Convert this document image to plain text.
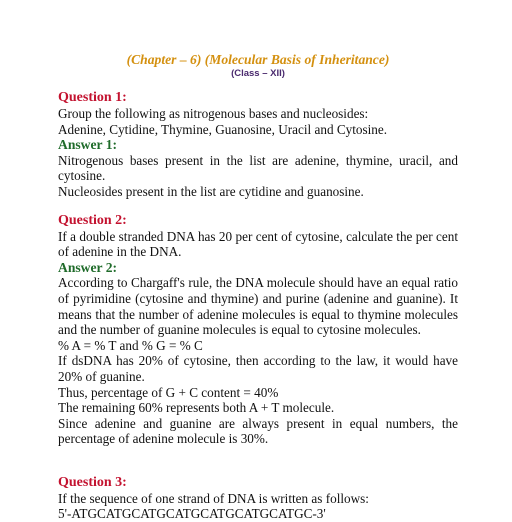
(Chapter – 6) (Molecular Basis of Inheritance)

(Class – XII)

Question 1:

Group the following as nitrogenous bases and nucleosides:

Adenine, Cytidine, Thymine, Guanosine, Uracil and Cytosine.

Answer 1:

Nitrogenous bases present in the list are adenine, thymine, uracil, and cytosine.

Nucleosides present in the list are cytidine and guanosine.

Question 2:

If a double stranded DNA has 20 per cent of cytosine, calculate the per cent of adenine in the DNA.

Answer 2:

According to Chargaff's rule, the DNA molecule should have an equal ratio of pyrimidine (cytosine and thymine) and purine (adenine and guanine). It means that the number of adenine molecules is equal to thymine molecules and the number of guanine molecules is equal to cytosine molecules.

% A = % T and % G = % C

If dsDNA has 20% of cytosine, then according to the law, it would have 20% of guanine.

Thus, percentage of G + C content = 40%

The remaining 60% represents both A + T molecule.

Since adenine and guanine are always present in equal numbers, the percentage of adenine molecule is 30%.

Question 3:

If the sequence of one strand of DNA is written as follows:

5'-ATGCATGCATGCATGCATGCATGCATGC-3'
